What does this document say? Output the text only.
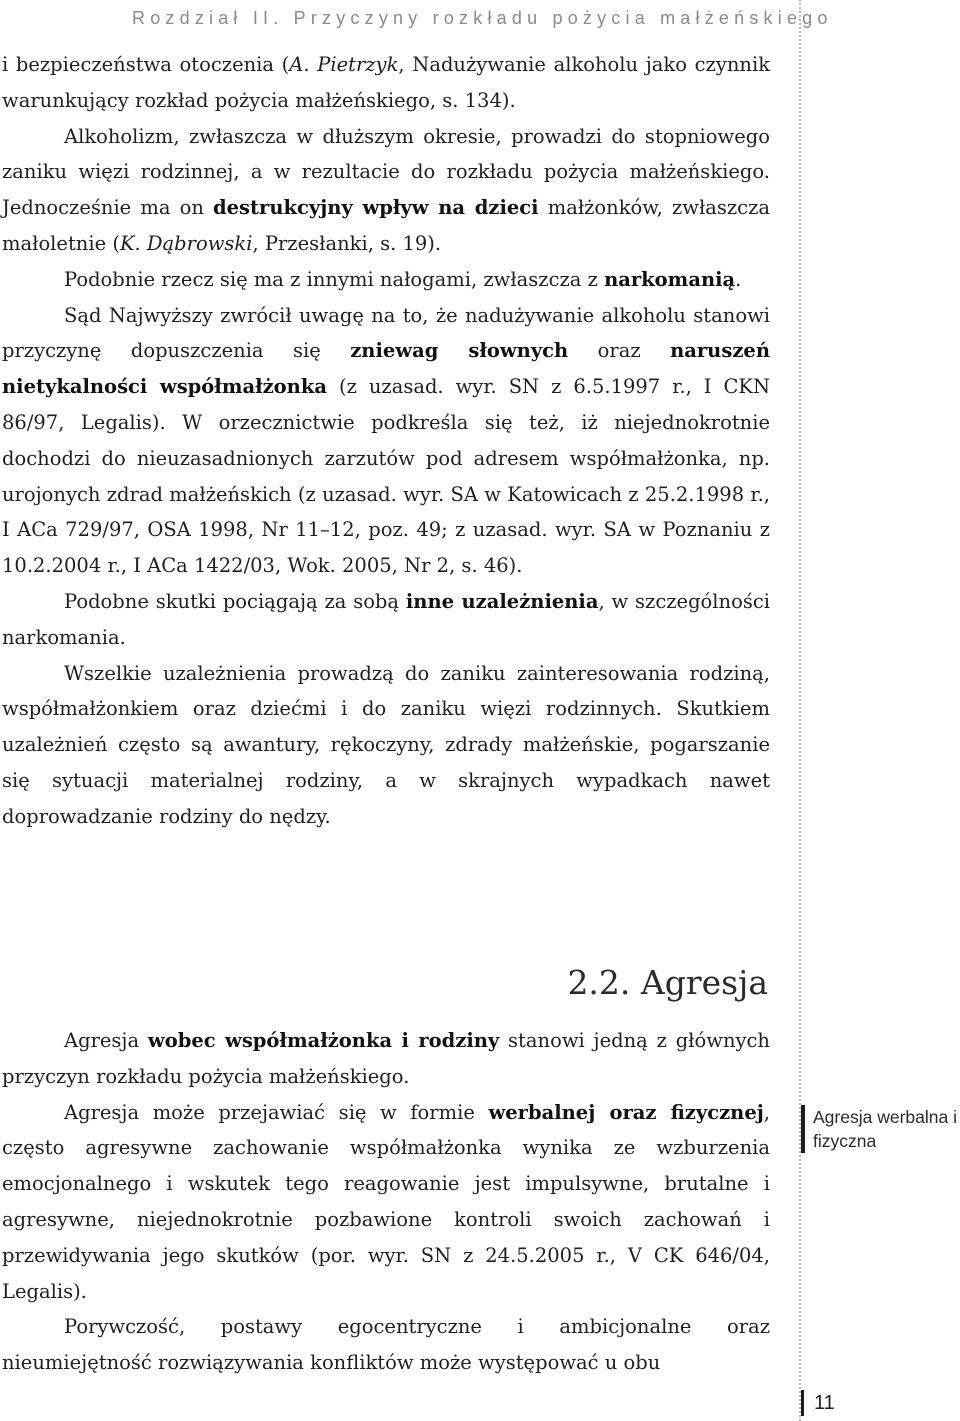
Rozdział II. Przyczyny rozkładu pożycia małżeńskiego

i bezpieczeństwa otoczenia (A. Pietrzyk, Nadużywanie alkoholu jako czynnik warunkujący rozkład pożycia małżeńskiego, s. 134).

Alkoholizm, zwłaszcza w dłuższym okresie, prowadzi do stopniowego zaniku więzi rodzinnej, a w rezultacie do rozkładu pożycia małżeńskiego. Jednocześnie ma on destrukcyjny wpływ na dzieci małżonków, zwłaszcza małoletnie (K. Dąbrowski, Przesłanki, s. 19).

Podobnie rzecz się ma z innymi nałogami, zwłaszcza z narkomanią.

Sąd Najwyższy zwrócił uwagę na to, że nadużywanie alkoholu stanowi przyczynę dopuszczenia się zniewag słownych oraz naruszeń nietykalności współmałżonka (z uzasad. wyr. SN z 6.5.1997 r., I CKN 86/97, Legalis). W orzecznictwie podkreśla się też, iż niejednokrotnie dochodzi do nieuzasadnionych zarzutów pod adresem współmałżonka, np. urojonych zdrad małżeńskich (z uzasad. wyr. SA w Katowicach z 25.2.1998 r., I ACa 729/97, OSA 1998, Nr 11–12, poz. 49; z uzasad. wyr. SA w Poznaniu z 10.2.2004 r., I ACa 1422/03, Wok. 2005, Nr 2, s. 46).

Podobne skutki pociągają za sobą inne uzależnienia, w szczególności narkomania.

Wszelkie uzależnienia prowadzą do zaniku zainteresowania rodziną, współmałżonkiem oraz dziećmi i do zaniku więzi rodzinnych. Skutkiem uzależnień często są awantury, rękoczyny, zdrady małżeńskie, pogarszanie się sytuacji materialnej rodziny, a w skrajnych wypadkach nawet doprowadzanie rodziny do nędzy.

2.2. Agresja

Agresja wobec współmałżonka i rodziny stanowi jedną z głównych przyczyn rozkładu pożycia małżeńskiego.

Agresja może przejawiać się w formie werbalnej oraz fizycznej, często agresywne zachowanie współmałżonka wynika ze wzburzenia emocjonalnego i wskutek tego reagowanie jest impulsywne, brutalne i agresywne, niejednokrotnie pozbawione kontroli swoich zachowań i przewidywania jego skutków (por. wyr. SN z 24.5.2005 r., V CK 646/04, Legalis).

Porywczość, postawy egocentryczne i ambicjonalne oraz nieumiejętność rozwiązywania konfliktów może występować u obu

Agresja werbalna i fizyczna
11
